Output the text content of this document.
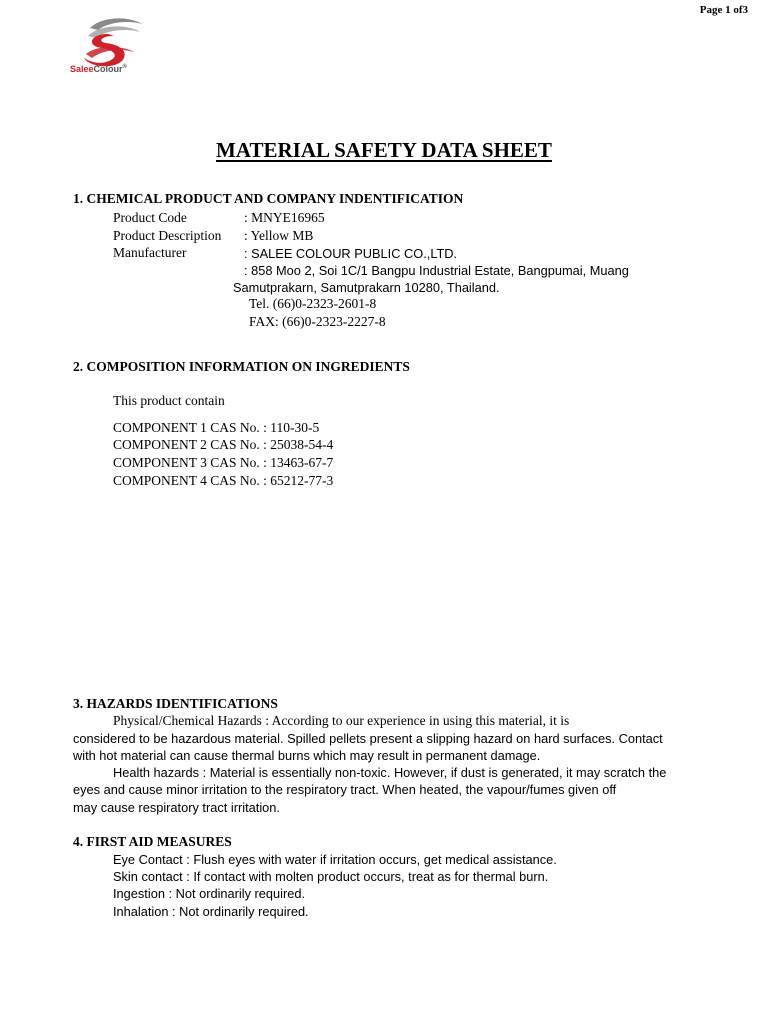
Page 1 of3
SaleeColour®
MATERIAL SAFETY DATA SHEET
1. CHEMICAL PRODUCT AND COMPANY INDENTIFICATION
Product Code	: MNYE16965
Product Description : Yellow MB
Manufacturer	: SALEE COLOUR PUBLIC CO.,LTD.
: 858 Moo 2, Soi 1C/1 Bangpu Industrial Estate, Bangpumai, Muang
Samutprakarn, Samutprakarn 10280, Thailand.
Tel. (66)0-2323-2601-8
FAX: (66)0-2323-2227-8
2. COMPOSITION INFORMATION ON INGREDIENTS
This product contain
COMPONENT 1 CAS No. : 110-30-5
COMPONENT 2 CAS No. : 25038-54-4
COMPONENT 3 CAS No. : 13463-67-7
COMPONENT 4 CAS No. : 65212-77-3
3. HAZARDS IDENTIFICATIONS
Physical/Chemical Hazards : According to our experience in using this material, it is
considered to be hazardous material. Spilled pellets present a slipping hazard on hard surfaces. Contact
with hot material can cause thermal burns which may result in permanent damage.
Health hazards : Material is essentially non-toxic. However, if dust is generated, it may scratch the
eyes and cause minor irritation to the respiratory tract. When heated, the vapour/fumes given off
may cause respiratory tract irritation.
4. FIRST AID MEASURES
Eye Contact : Flush eyes with water if irritation occurs, get medical assistance.
Skin contact : If contact with molten product occurs, treat as for thermal burn.
Ingestion : Not ordinarily required.
Inhalation : Not ordinarily required.
